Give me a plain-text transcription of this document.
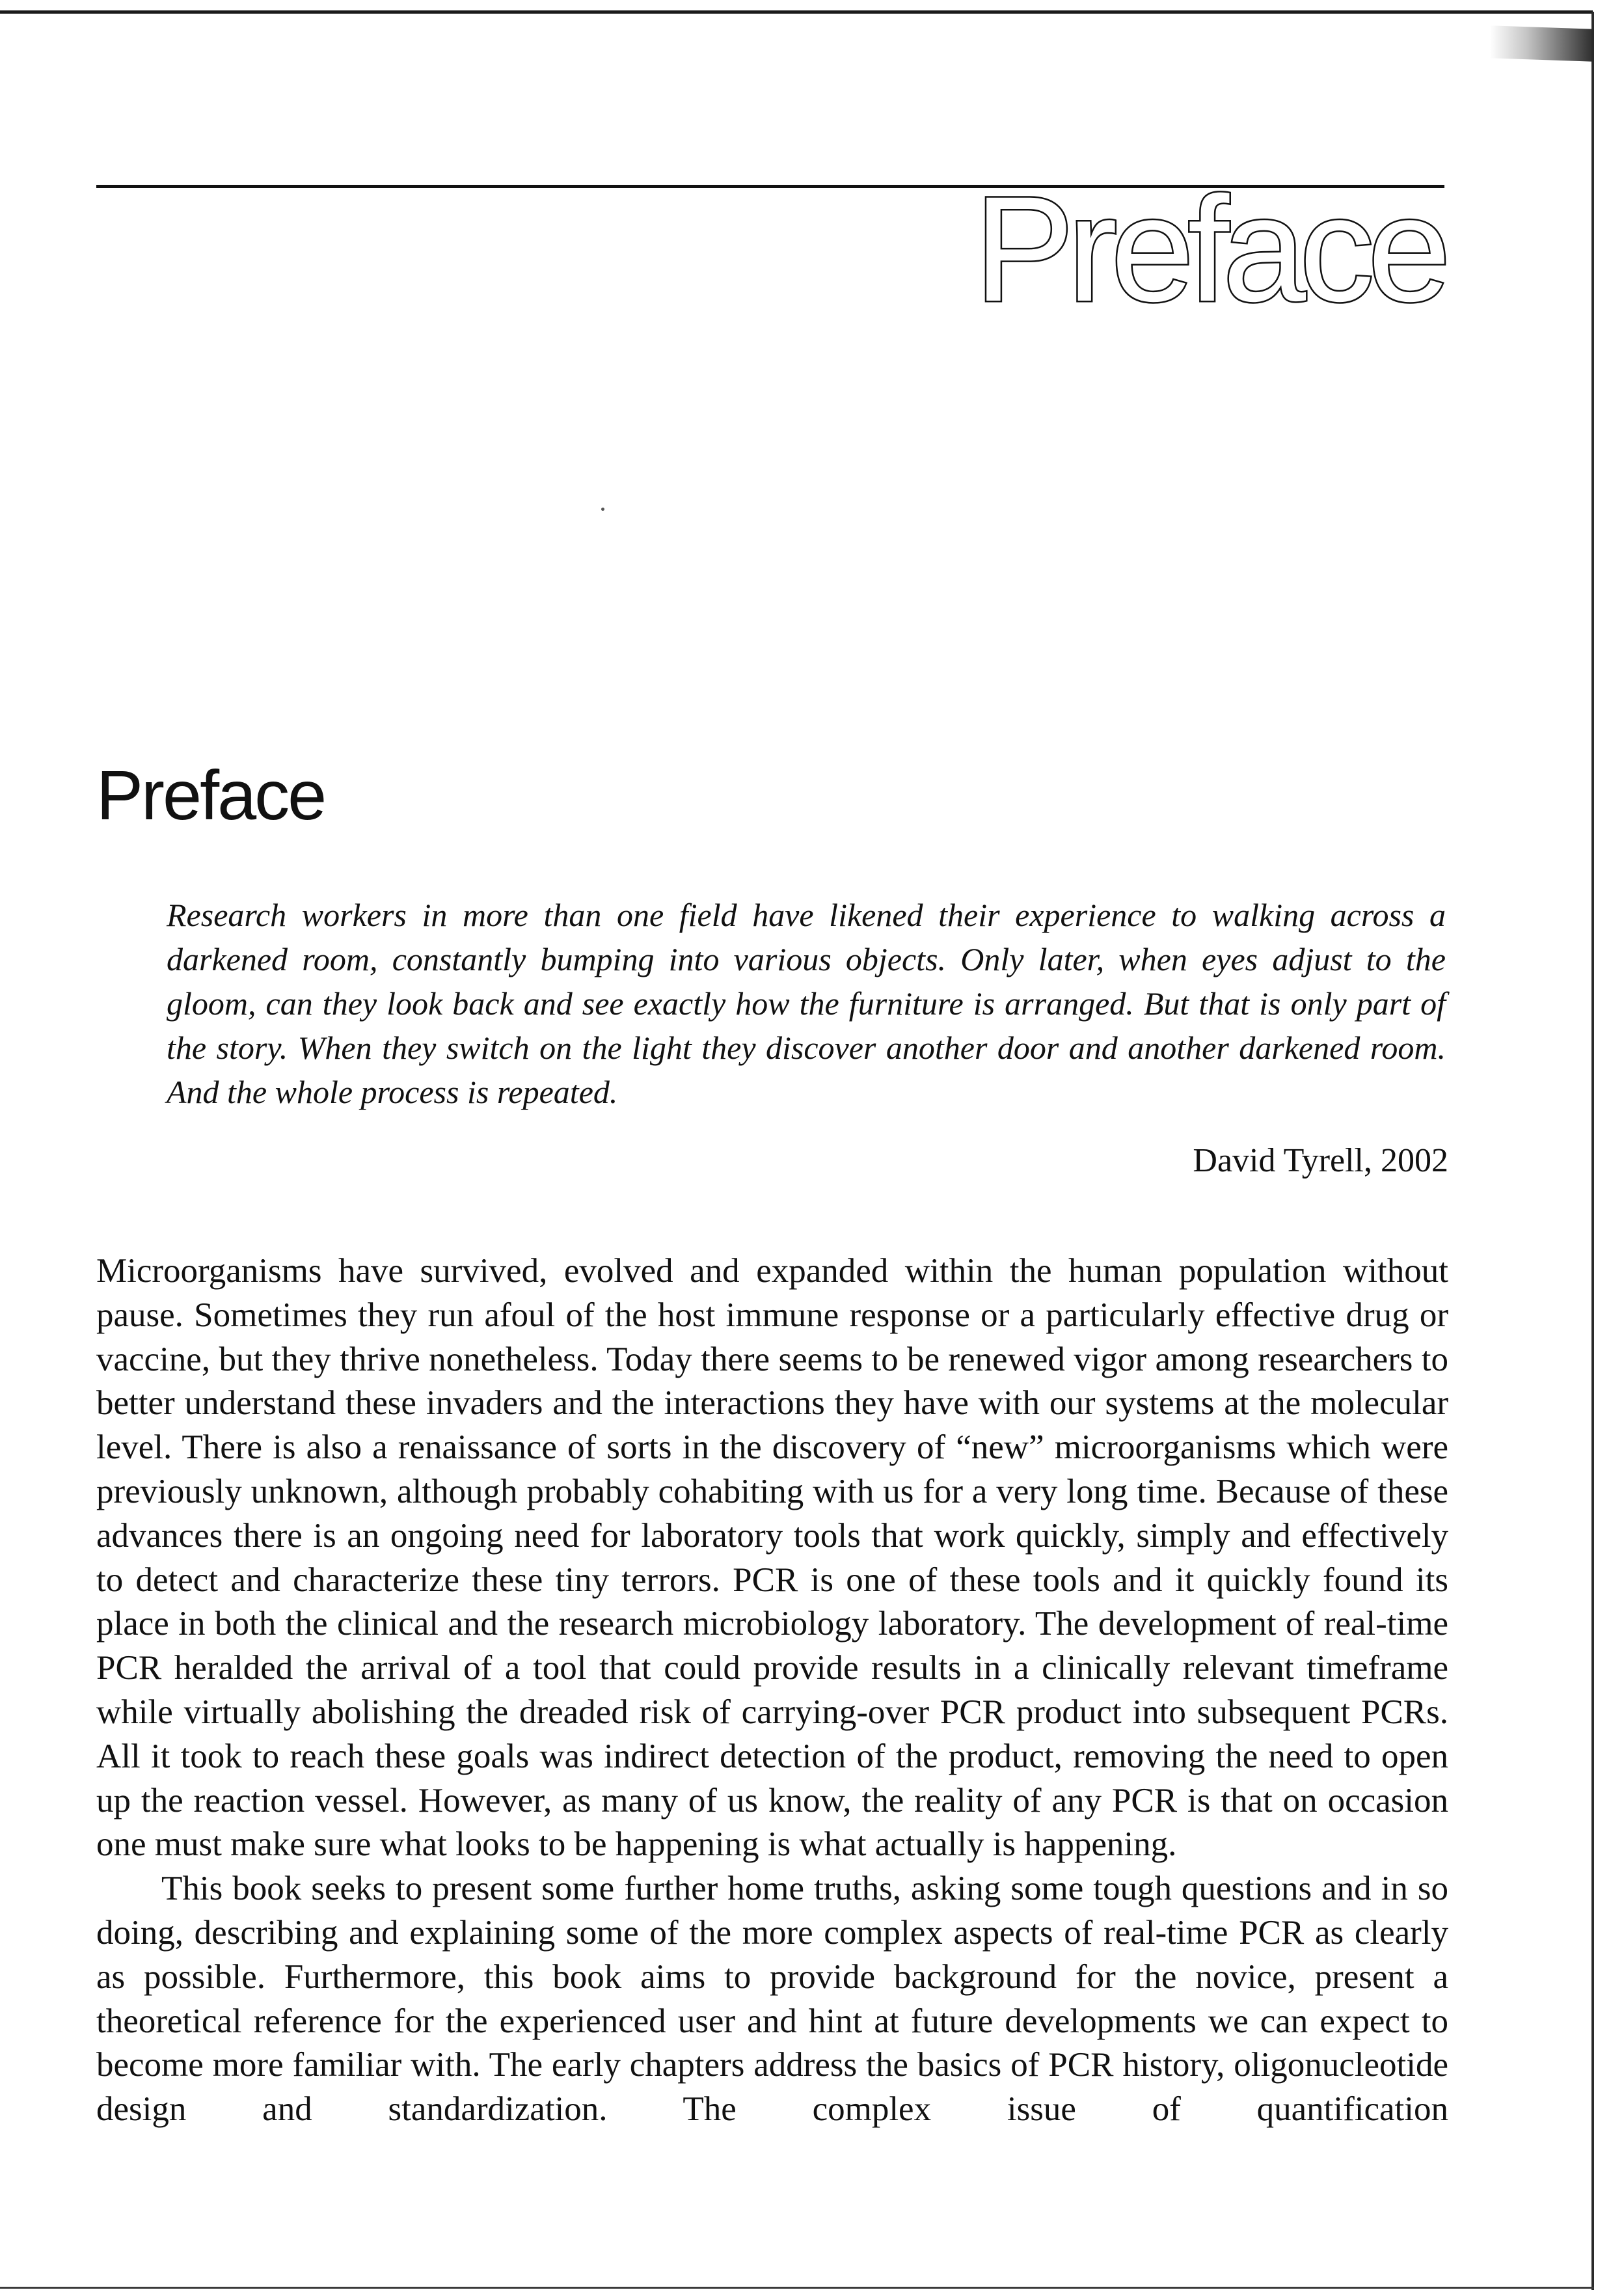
Preface
Preface

Research workers in more than one field have likened their experience to walking across a darkened room, constantly bumping into various objects. Only later, when eyes adjust to the gloom, can they look back and see exactly how the furniture is arranged. But that is only part of the story. When they switch on the light they discover another door and another darkened room. And the whole process is repeated.

David Tyrell, 2002

Microorganisms have survived, evolved and expanded within the human population without pause. Sometimes they run afoul of the host immune response or a particularly effective drug or vaccine, but they thrive nonetheless. Today there seems to be renewed vigor among researchers to better understand these invaders and the interactions they have with our systems at the molecular level. There is also a renaissance of sorts in the discovery of “new” microorganisms which were previously unknown, although probably cohabiting with us for a very long time. Because of these advances there is an ongoing need for laboratory tools that work quickly, simply and effectively to detect and characterize these tiny terrors. PCR is one of these tools and it quickly found its place in both the clinical and the research microbiology laboratory. The development of real-time PCR heralded the arrival of a tool that could provide results in a clinically relevant timeframe while virtually abolishing the dreaded risk of carrying-over PCR product into subsequent PCRs. All it took to reach these goals was indirect detection of the product, removing the need to open up the reaction vessel. However, as many of us know, the reality of any PCR is that on occasion one must make sure what looks to be happening is what actually is happening.

This book seeks to present some further home truths, asking some tough questions and in so doing, describing and explaining some of the more complex aspects of real-time PCR as clearly as possible. Furthermore, this book aims to provide background for the novice, present a theoretical reference for the experienced user and hint at future developments we can expect to become more familiar with. The early chapters address the basics of PCR history, oligonucleotide design and standardization. The complex issue of quantification
